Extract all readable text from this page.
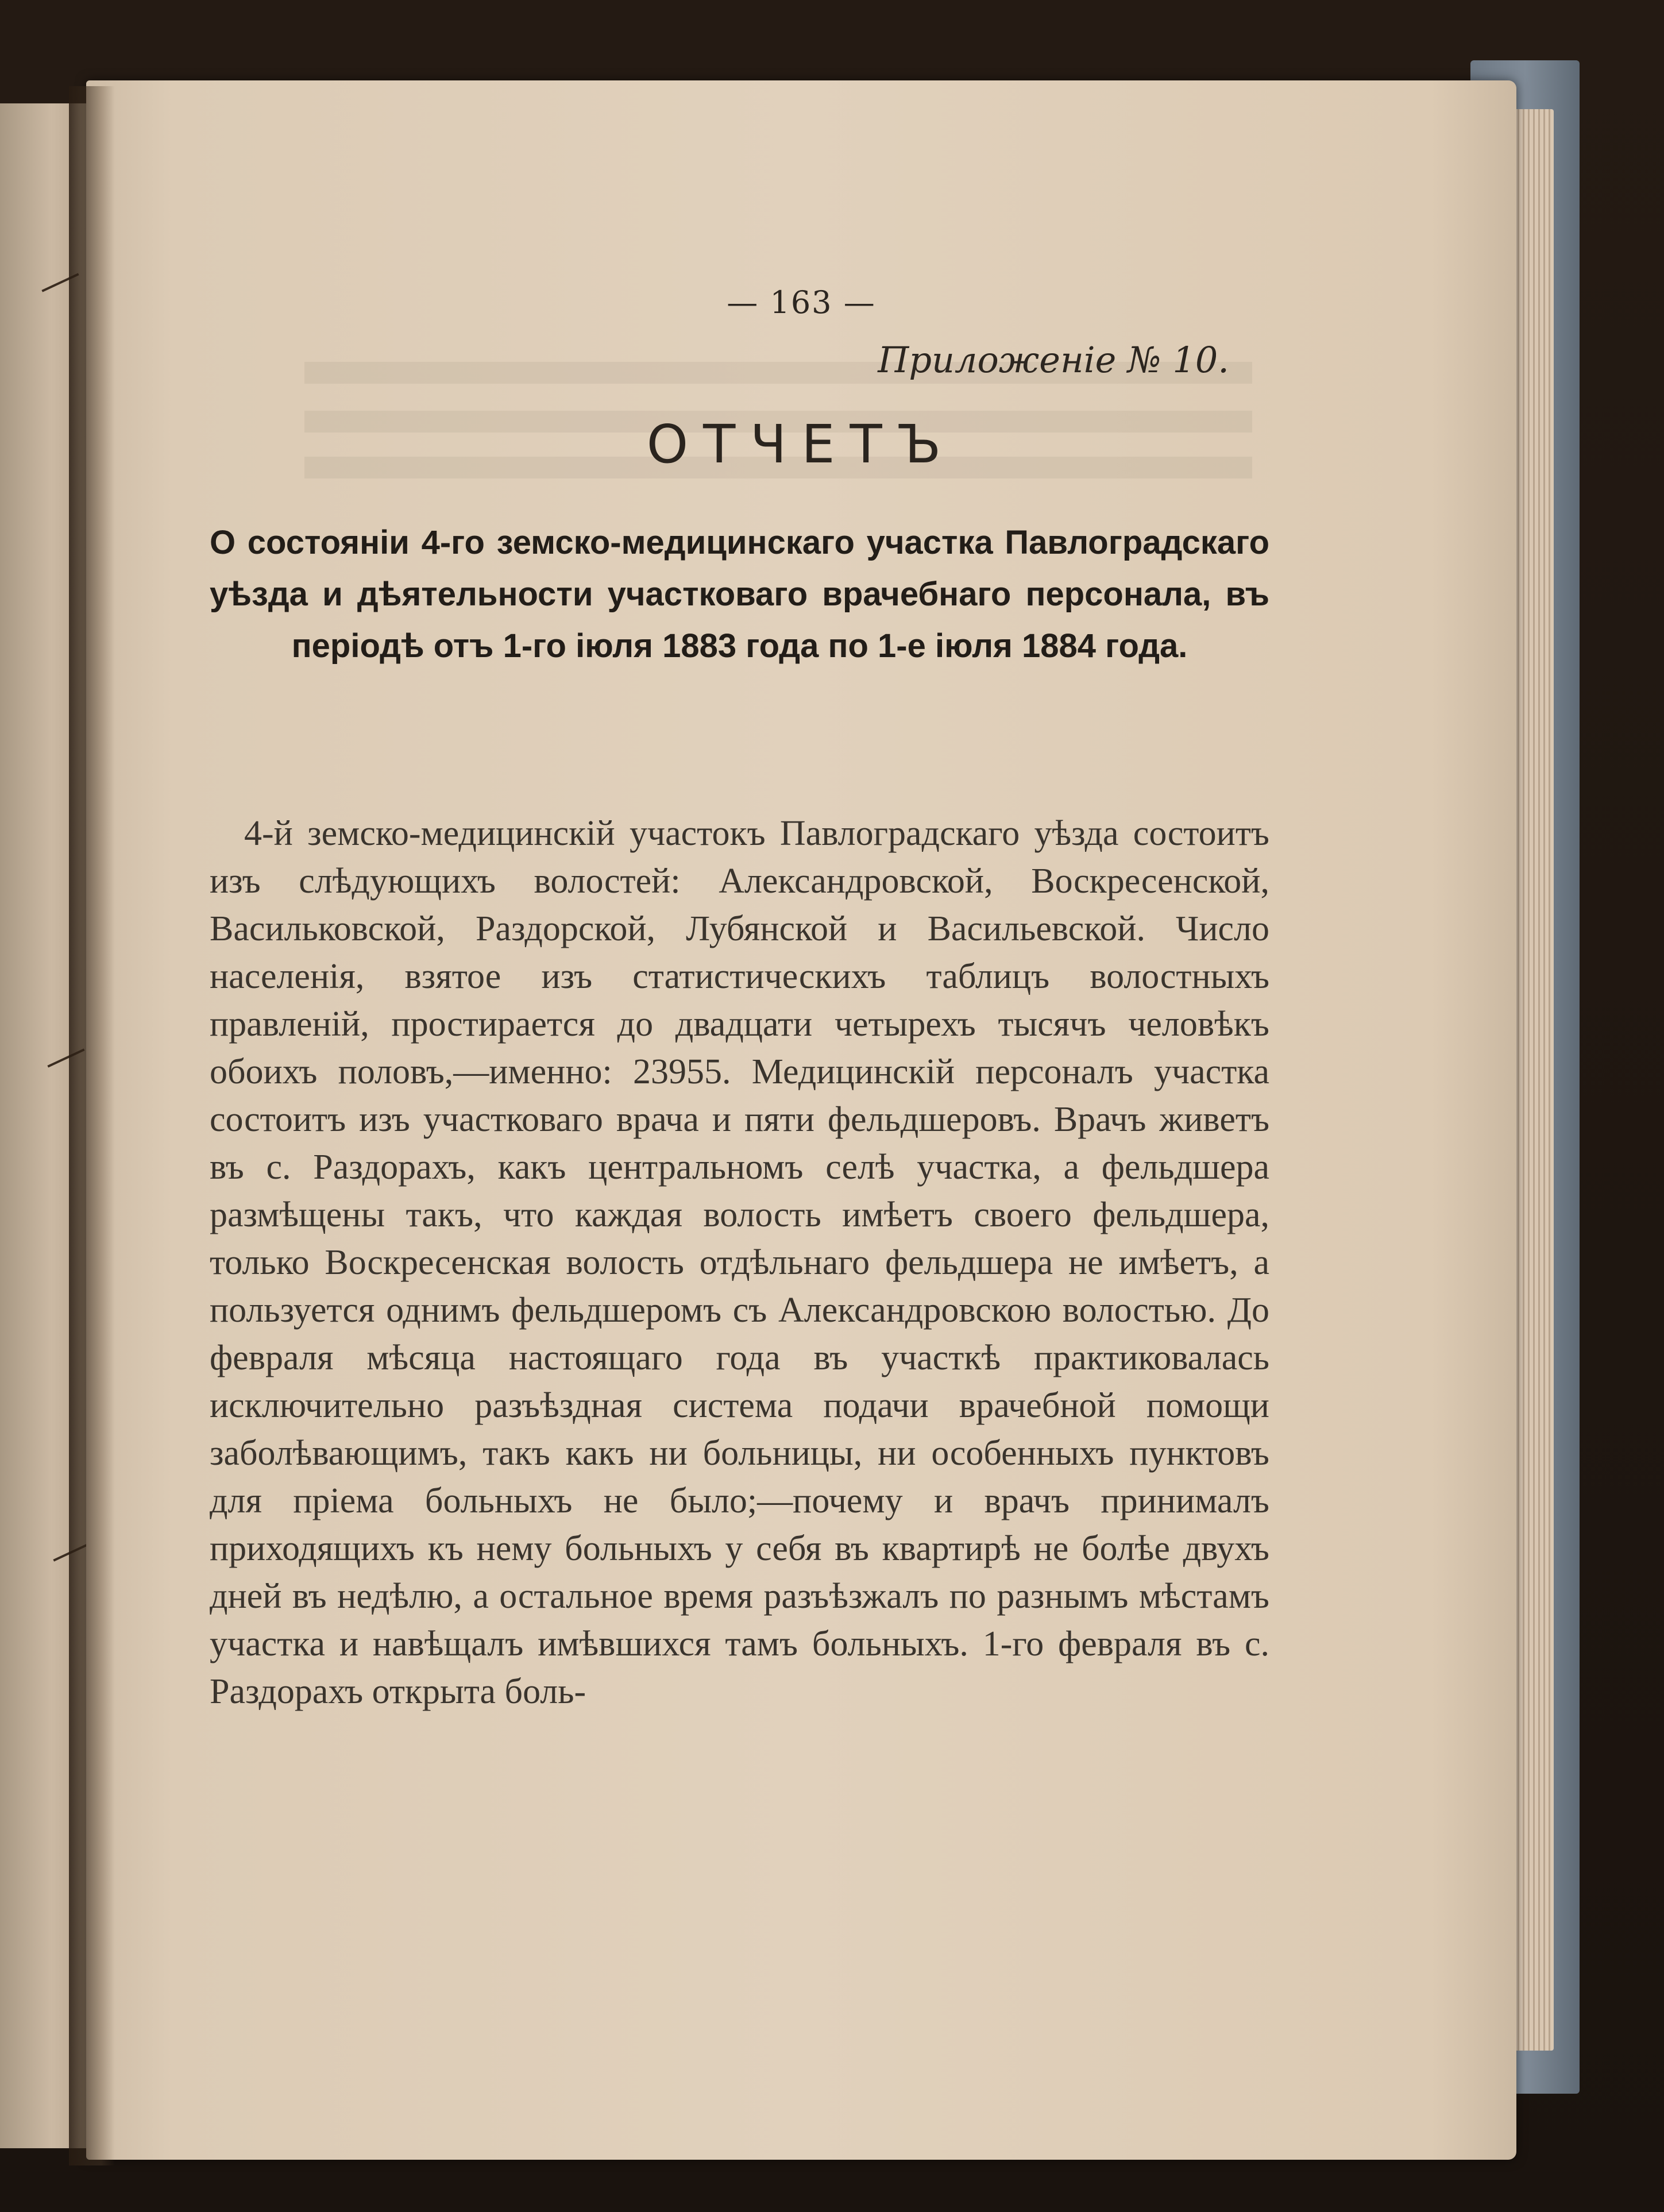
— 163 —
Приложенiе № 10.
ОТЧЕТЪ
О состоянiи 4-го земско-медицинскаго участка Павлоградскаго уѣзда и дѣятельности участковаго врачебнаго персонала, въ перiодѣ отъ 1-го iюля 1883 года по 1-е iюля 1884 года.

4-й земско-медицинскiй участокъ Павлоградскаго уѣзда состоитъ изъ слѣдующихъ волостей: Александровской, Воскресенской, Васильковской, Раздорской, Лубянской и Васильевской. Число населенiя, взятое изъ статистическихъ таблицъ волостныхъ правленiй, простирается до двадцати четырехъ тысячъ человѣкъ обоихъ половъ,—именно: 23955. Медицинскiй персоналъ участка состоитъ изъ участковаго врача и пяти фельдшеровъ. Врачъ живетъ въ с. Раздорахъ, какъ центральномъ селѣ участка, а фельдшера размѣщены такъ, что каждая волость имѣетъ своего фельдшера, только Воскресенская волость отдѣльнаго фельдшера не имѣетъ, а пользуется однимъ фельдшеромъ съ Александровскою волостью. До февраля мѣсяца настоящаго года въ участкѣ практиковалась исключительно разъѣздная система подачи врачебной помощи заболѣвающимъ, такъ какъ ни больницы, ни особенныхъ пунктовъ для прiема больныхъ не было;—почему и врачъ принималъ приходящихъ къ нему больныхъ у себя въ квартирѣ не болѣе двухъ дней въ недѣлю, а остальное время разъѣзжалъ по разнымъ мѣстамъ участка и навѣщалъ имѣвшихся тамъ больныхъ. 1-го февраля въ с. Раздорахъ открыта боль-
